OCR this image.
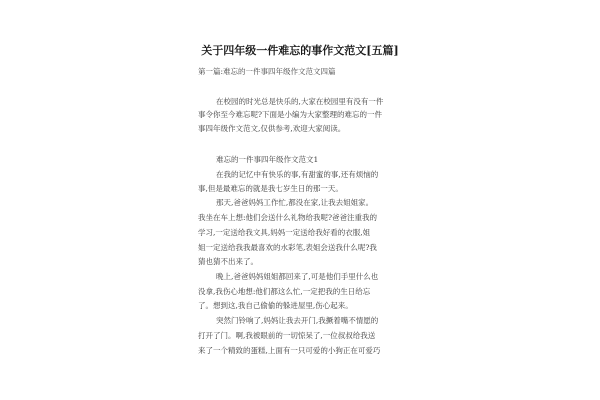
关于四年级一件难忘的事作文范文[五篇]
第一篇:难忘的一件事四年级作文范文四篇
在校园的时光总是快乐的,大家在校园里有没有一件
事令你至今难忘呢?下面是小编为大家整理的难忘的一件
事四年级作文范文,仅供参考,欢迎大家阅读。
难忘的一件事四年级作文范文1
在我的记忆中有快乐的事,有甜蜜的事,还有烦恼的
事,但是最难忘的就是我七岁生日的那一天。
那天,爸爸妈妈工作忙,都没在家,让我去姐姐家。
我坐在车上想:他们会送什么礼物给我呢?爸爸注重我的
学习,一定送给我文具,妈妈一定送给我好看的衣服,姐
姐一定送给我我最喜欢的水彩笔,表姐会送我什么呢?我
猜也猜不出来了。
晚上,爸爸妈妈姐姐都回来了,可是他们手里什么也
没拿,我伤心地想:他们都这么忙,一定把我的生日给忘
了。想到这,我自己偷偷的躲进屋里,伤心起来。
突然门铃响了,妈妈让我去开门,我撅着嘴不情愿的
打开了门。啊,我被眼前的一切惊呆了,一位叔叔给我送
来了一个精致的蛋糕,上面有一只可爱的小狗正在可爱巧
